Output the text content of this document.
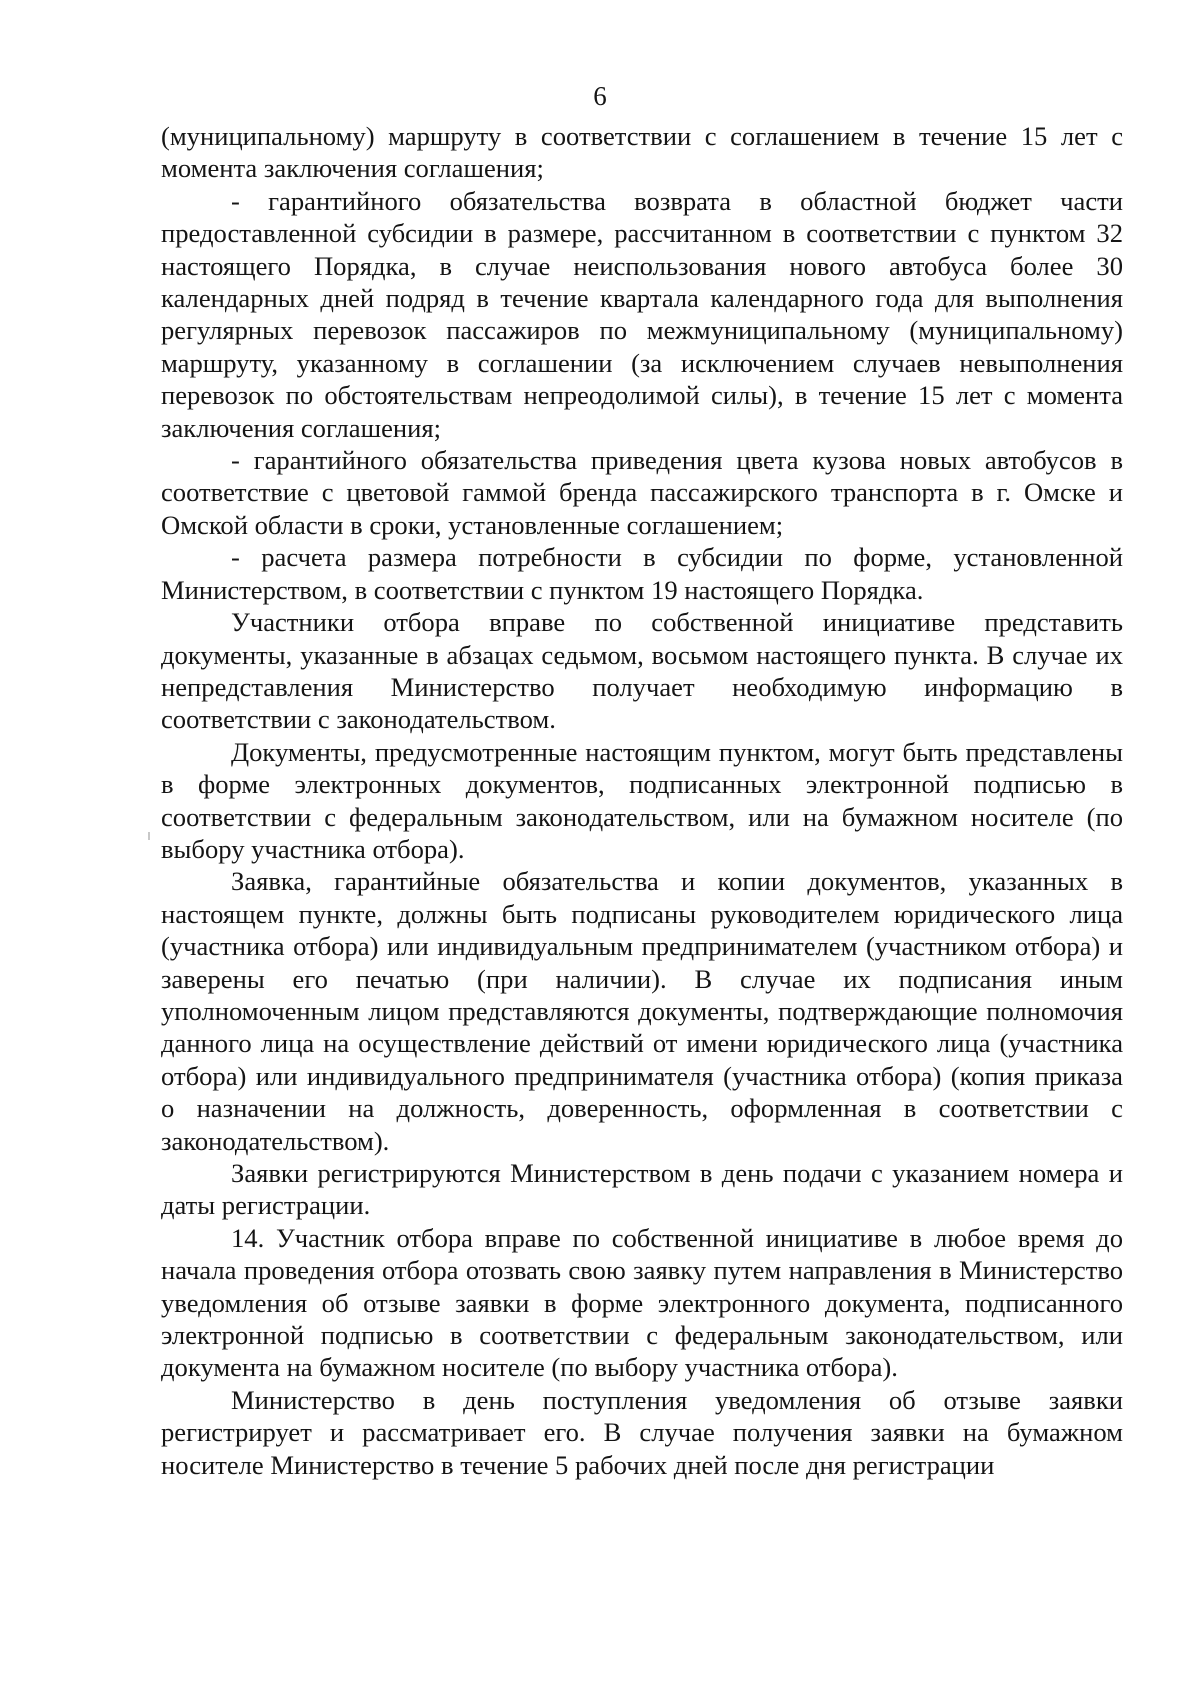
6

(муниципальному) маршруту в соответствии с соглашением в течение 15 лет с момента заключения соглашения;

- гарантийного обязательства возврата в областной бюджет части предоставленной субсидии в размере, рассчитанном в соответствии с пунктом 32 настоящего Порядка, в случае неиспользования нового автобуса более 30 календарных дней подряд в течение квартала календарного года для выполнения регулярных перевозок пассажиров по межмуниципальному (муниципальному) маршруту, указанному в соглашении (за исключением случаев невыполнения перевозок по обстоятельствам непреодолимой силы), в течение 15 лет с момента заключения соглашения;

- гарантийного обязательства приведения цвета кузова новых автобусов в соответствие с цветовой гаммой бренда пассажирского транспорта в г. Омске и Омской области в сроки, установленные соглашением;

- расчета размера потребности в субсидии по форме, установленной Министерством, в соответствии с пунктом 19 настоящего Порядка.

Участники отбора вправе по собственной инициативе представить документы, указанные в абзацах седьмом, восьмом настоящего пункта. В случае их непредставления Министерство получает необходимую информацию в соответствии с законодательством.

Документы, предусмотренные настоящим пунктом, могут быть представлены в форме электронных документов, подписанных электронной подписью в соответствии с федеральным законодательством, или на бумажном носителе (по выбору участника отбора).

Заявка, гарантийные обязательства и копии документов, указанных в настоящем пункте, должны быть подписаны руководителем юридического лица (участника отбора) или индивидуальным предпринимателем (участником отбора) и заверены его печатью (при наличии). В случае их подписания иным уполномоченным лицом представляются документы, подтверждающие полномочия данного лица на осуществление действий от имени юридического лица (участника отбора) или индивидуального предпринимателя (участника отбора) (копия приказа о назначении на должность, доверенность, оформленная в соответствии с законодательством).

Заявки регистрируются Министерством в день подачи с указанием номера и даты регистрации.

14. Участник отбора вправе по собственной инициативе в любое время до начала проведения отбора отозвать свою заявку путем направления в Министерство уведомления об отзыве заявки в форме электронного документа, подписанного электронной подписью в соответствии с федеральным законодательством, или документа на бумажном носителе (по выбору участника отбора).

Министерство в день поступления уведомления об отзыве заявки регистрирует и рассматривает его. В случае получения заявки на бумажном носителе Министерство в течение 5 рабочих дней после дня регистрации
